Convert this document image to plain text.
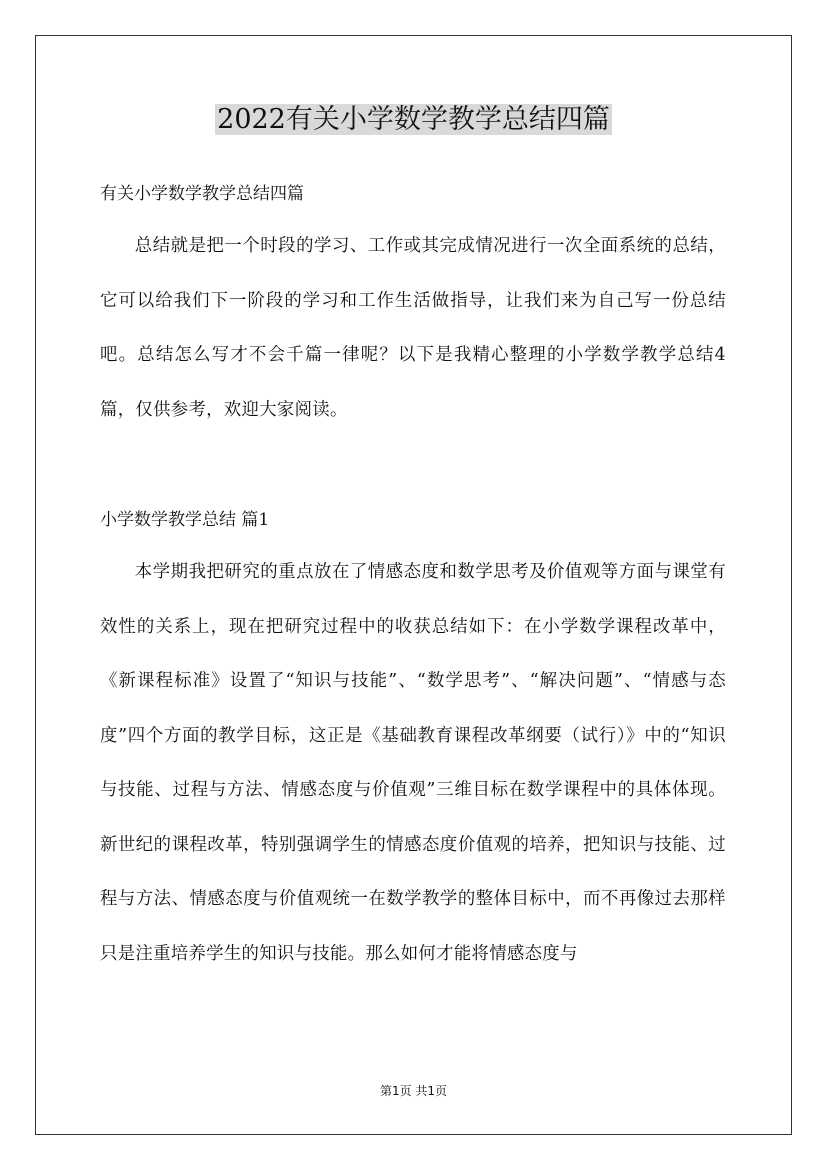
2022有关小学数学教学总结四篇
有关小学数学教学总结四篇

总结就是把一个时段的学习、工作或其完成情况进行一次全面系统的总结，它可以给我们下一阶段的学习和工作生活做指导，让我们来为自己写一份总结吧。总结怎么写才不会千篇一律呢？以下是我精心整理的小学数学教学总结4篇，仅供参考，欢迎大家阅读。

小学数学教学总结 篇1

本学期我把研究的重点放在了情感态度和数学思考及价值观等方面与课堂有效性的关系上，现在把研究过程中的收获总结如下：在小学数学课程改革中，《新课程标准》设置了“知识与技能”、“数学思考”、“解决问题”、“情感与态度”四个方面的教学目标，这正是《基础教育课程改革纲要（试行）》中的“知识与技能、过程与方法、情感态度与价值观”三维目标在数学课程中的具体体现。新世纪的课程改革，特别强调学生的情感态度价值观的培养，把知识与技能、过程与方法、情感态度与价值观统一在数学教学的整体目标中，而不再像过去那样只是注重培养学生的知识与技能。那么如何才能将情感态度与

第1页 共1页
